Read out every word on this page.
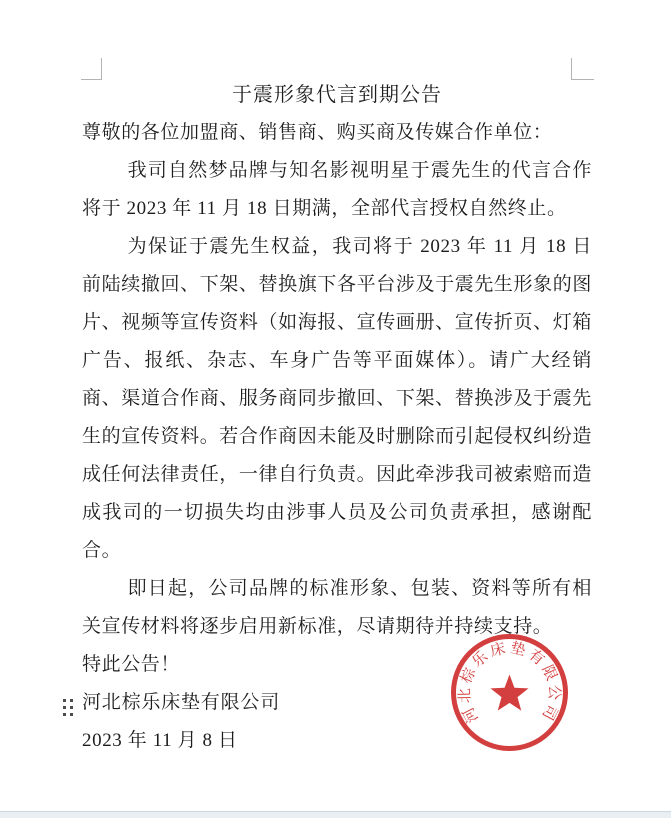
于震形象代言到期公告

尊敬的各位加盟商、销售商、购买商及传媒合作单位：

我司自然梦品牌与知名影视明星于震先生的代言合作将于 2023 年 11 月 18 日期满，全部代言授权自然终止。

为保证于震先生权益，我司将于 2023 年 11 月 18 日前陆续撤回、下架、替换旗下各平台涉及于震先生形象的图片、视频等宣传资料（如海报、宣传画册、宣传折页、灯箱广告、报纸、杂志、车身广告等平面媒体）。请广大经销商、渠道合作商、服务商同步撤回、下架、替换涉及于震先生的宣传资料。若合作商因未能及时删除而引起侵权纠纷造成任何法律责任，一律自行负责。因此牵涉我司被索赔而造成我司的一切损失均由涉事人员及公司负责承担，感谢配合。

即日起，公司品牌的标准形象、包装、资料等所有相关宣传材料将逐步启用新标准，尽请期待并持续支持。

特此公告！

河北棕乐床垫有限公司

2023 年 11 月 8 日

河北棕乐床垫有限公司
